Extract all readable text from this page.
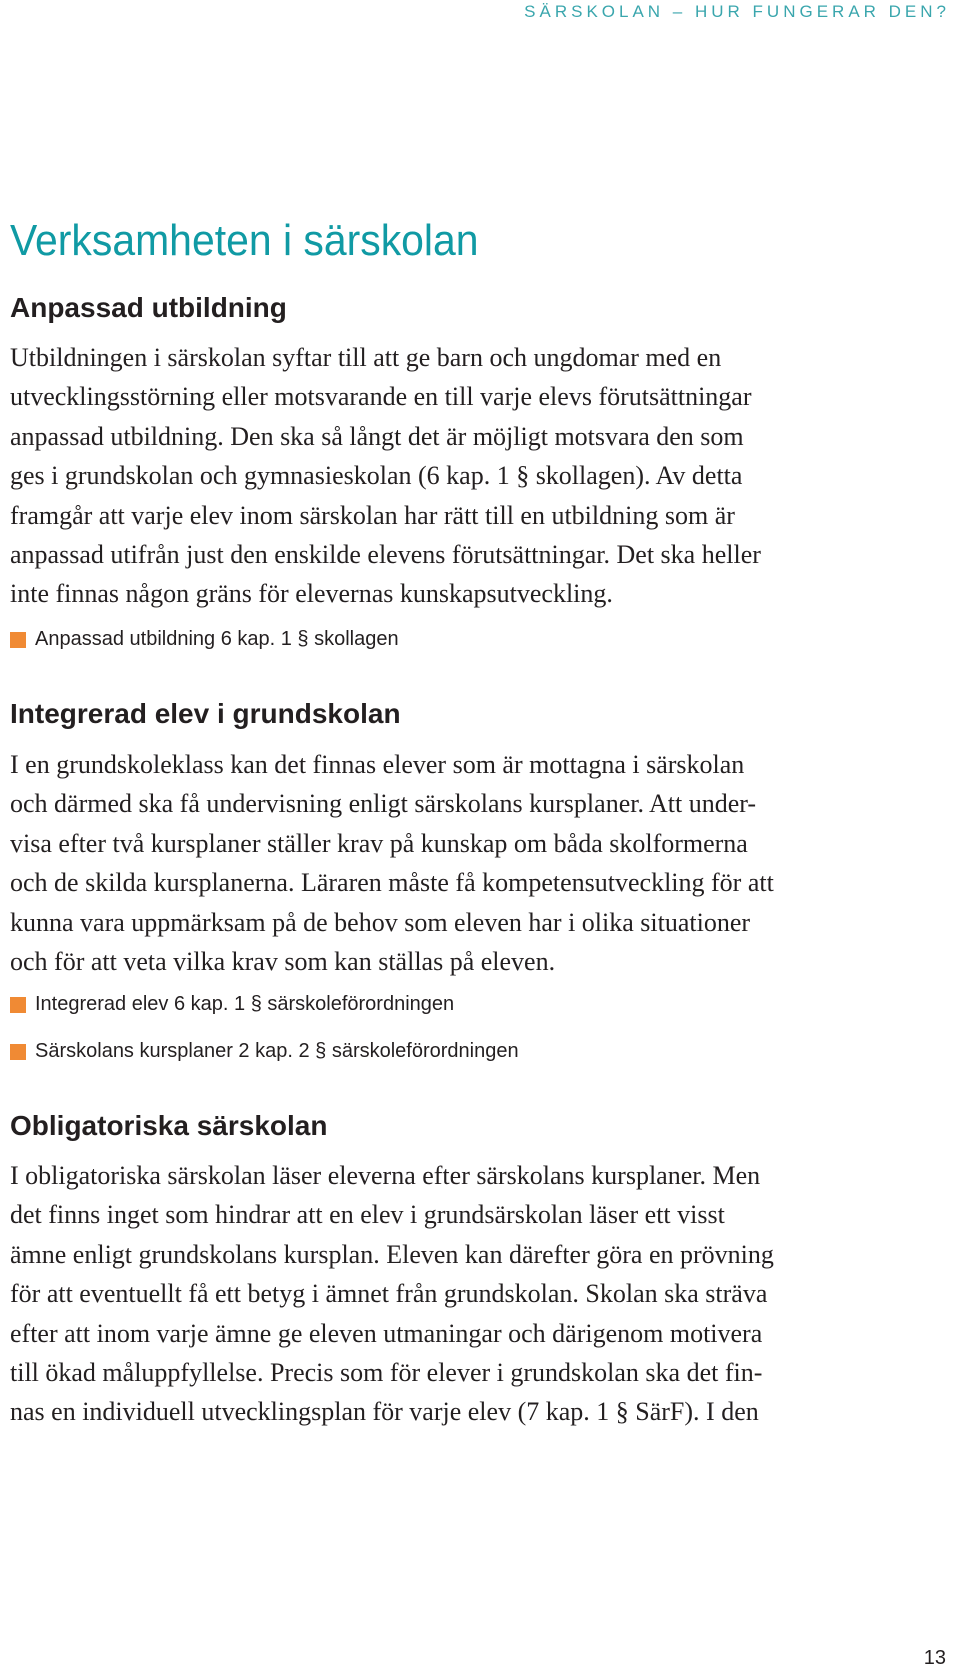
SÄRSKOLAN – HUR FUNGERAR DEN?
Verksamheten i särskolan
Anpassad utbildning
Utbildningen i särskolan syftar till att ge barn och ungdomar med en
utvecklingsstörning eller motsvarande en till varje elevs förutsättningar
anpassad utbildning. Den ska så långt det är möjligt motsvara den som
ges i grundskolan och gymnasieskolan (6 kap. 1 § skollagen). Av detta
framgår att varje elev inom särskolan har rätt till en utbildning som är
anpassad utifrån just den enskilde elevens förutsättningar. Det ska heller
inte finnas någon gräns för elevernas kunskapsutveckling.
Anpassad utbildning 6 kap. 1 § skollagen
Integrerad elev i grundskolan
I en grundskoleklass kan det finnas elever som är mottagna i särskolan
och därmed ska få undervisning enligt särskolans kursplaner. Att under-
visa efter två kursplaner ställer krav på kunskap om båda skolformerna
och de skilda kursplanerna. Läraren måste få kompetensutveckling för att
kunna vara uppmärksam på de behov som eleven har i olika situationer
och för att veta vilka krav som kan ställas på eleven.
Integrerad elev 6 kap. 1 § särskoleförordningen
Särskolans kursplaner 2 kap. 2 § särskoleförordningen
Obligatoriska särskolan
I obligatoriska särskolan läser eleverna efter särskolans kursplaner. Men
det finns inget som hindrar att en elev i grundsärskolan läser ett visst
ämne enligt grundskolans kursplan. Eleven kan därefter göra en prövning
för att eventuellt få ett betyg i ämnet från grundskolan. Skolan ska sträva
efter att inom varje ämne ge eleven utmaningar och därigenom motivera
till ökad måluppfyllelse. Precis som för elever i grundskolan ska det fin-
nas en individuell utvecklingsplan för varje elev (7 kap. 1 § SärF). I den
13
